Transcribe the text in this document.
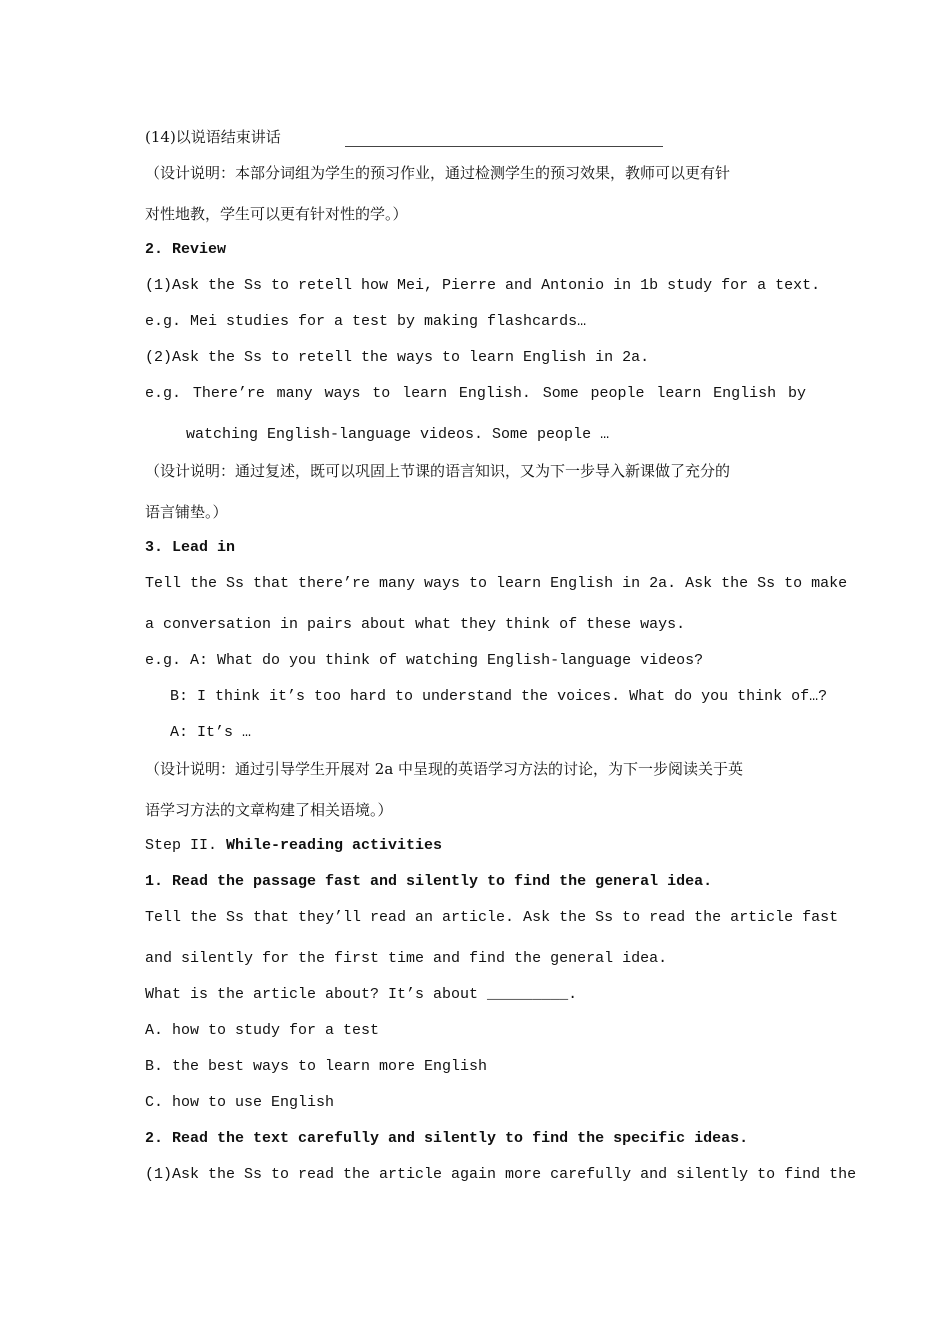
(14)以说语结束讲话
（设计说明：本部分词组为学生的预习作业，通过检测学生的预习效果，教师可以更有针
对性地教，学生可以更有针对性的学。）
2. Review
(1)Ask the Ss to retell how Mei, Pierre and Antonio in 1b study for a text.
e.g. Mei studies for a test by making flashcards…
(2)Ask the Ss to retell the ways to learn English in 2a.
e.g. There’re many ways to learn English. Some people learn English by
watching English-language videos. Some people …
（设计说明：通过复述，既可以巩固上节课的语言知识，又为下一步导入新课做了充分的
语言铺垫。）
3. Lead in
Tell the Ss that there’re many ways to learn English in 2a. Ask the Ss to make
a conversation in pairs about what they think of these ways.
e.g. A: What do you think of watching English-language videos?
B: I think it’s too hard to understand the voices. What do you think of…?
A: It’s …
（设计说明：通过引导学生开展对 2a 中呈现的英语学习方法的讨论，为下一步阅读关于英
语学习方法的文章构建了相关语境。）
Step II. While-reading activities
1. Read the passage fast and silently to find the general idea.
Tell the Ss that they’ll read an article. Ask the Ss to read the article fast
and silently for the first time and find the general idea.
What is the article about? It’s about _________.
A. how to study for a test
B. the best ways to learn more English
C. how to use English
2. Read the text carefully and silently to find the specific ideas.
(1)Ask the Ss to read the article again more carefully and silently to find the
